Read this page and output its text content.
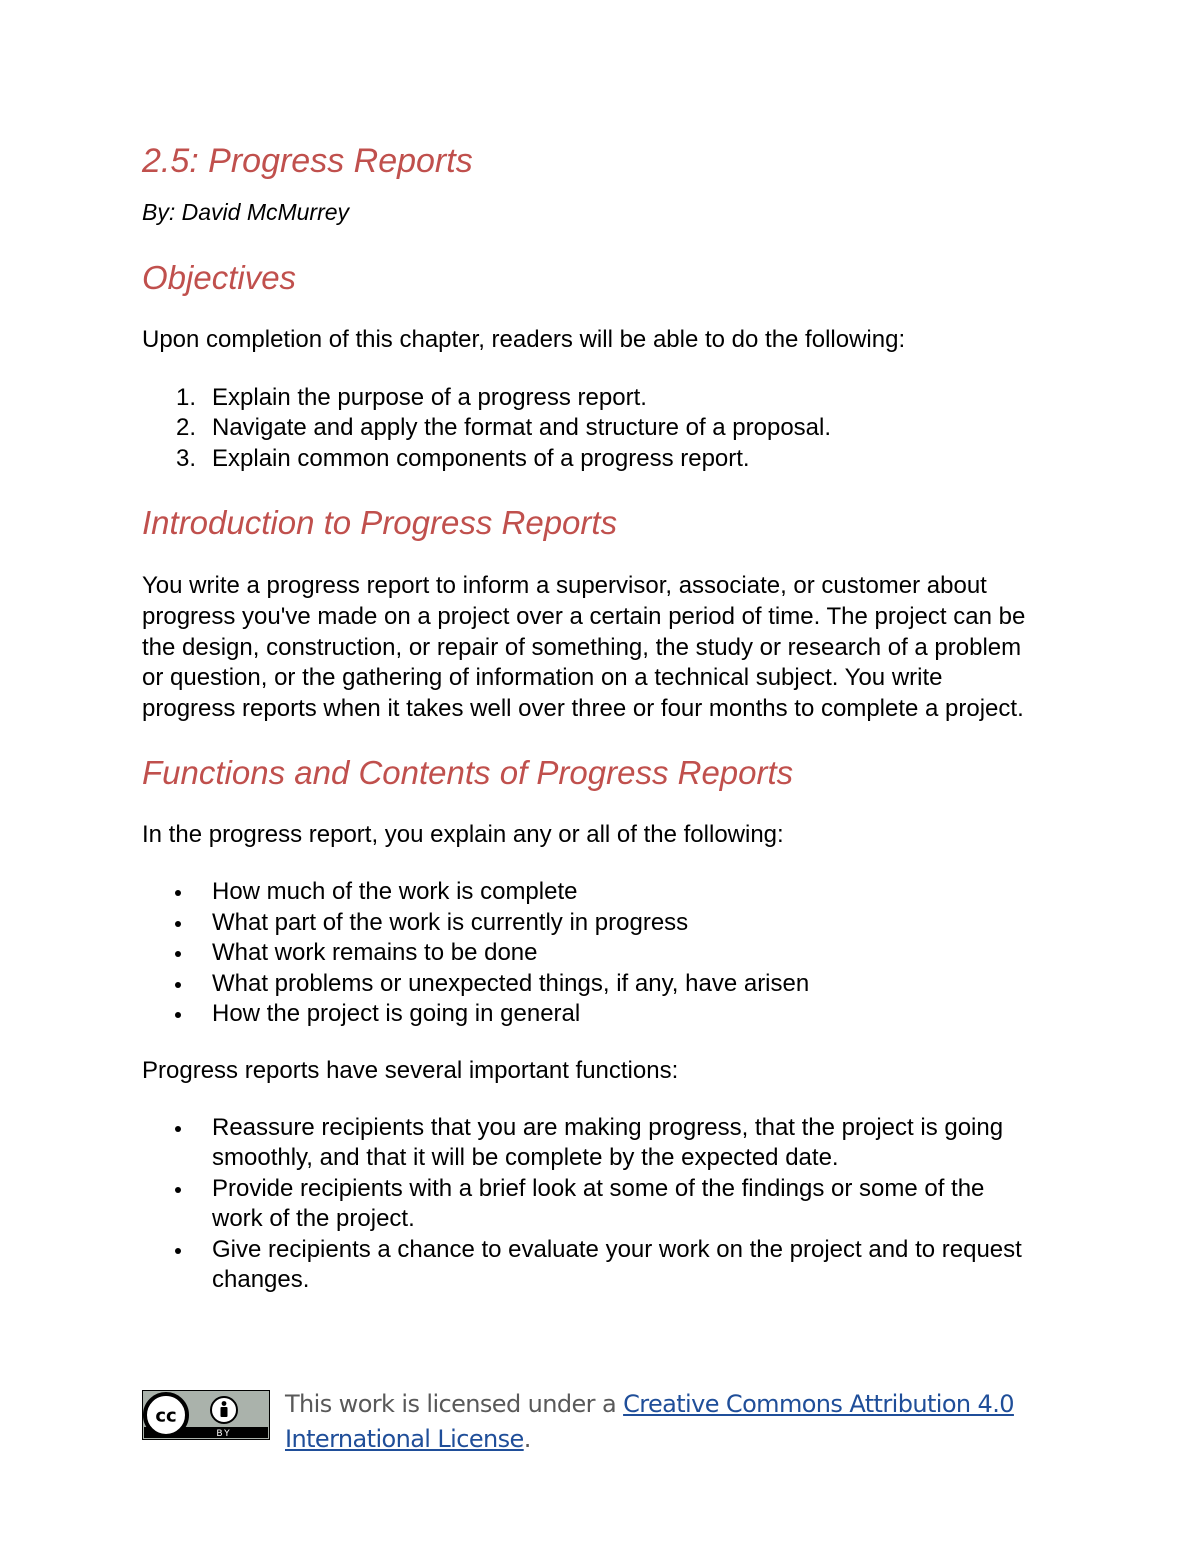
2.5: Progress Reports

By: David McMurrey

Objectives

Upon completion of this chapter, readers will be able to do the following:

1. Explain the purpose of a progress report.
2. Navigate and apply the format and structure of a proposal.
3. Explain common components of a progress report.
Introduction to Progress Reports

You write a progress report to inform a supervisor, associate, or customer about progress you've made on a project over a certain period of time. The project can be the design, construction, or repair of something, the study or research of a problem or question, or the gathering of information on a technical subject. You write progress reports when it takes well over three or four months to complete a project.

Functions and Contents of Progress Reports

In the progress report, you explain any or all of the following:

How much of the work is complete
What part of the work is currently in progress
What work remains to be done
What problems or unexpected things, if any, have arisen
How the project is going in general

Progress reports have several important functions:

Reassure recipients that you are making progress, that the project is going smoothly, and that it will be complete by the expected date.
Provide recipients with a brief look at some of the findings or some of the work of the project.
Give recipients a chance to evaluate your work on the project and to request changes.
cc
BY
This work is licensed under a Creative Commons Attribution 4.0 International License.
